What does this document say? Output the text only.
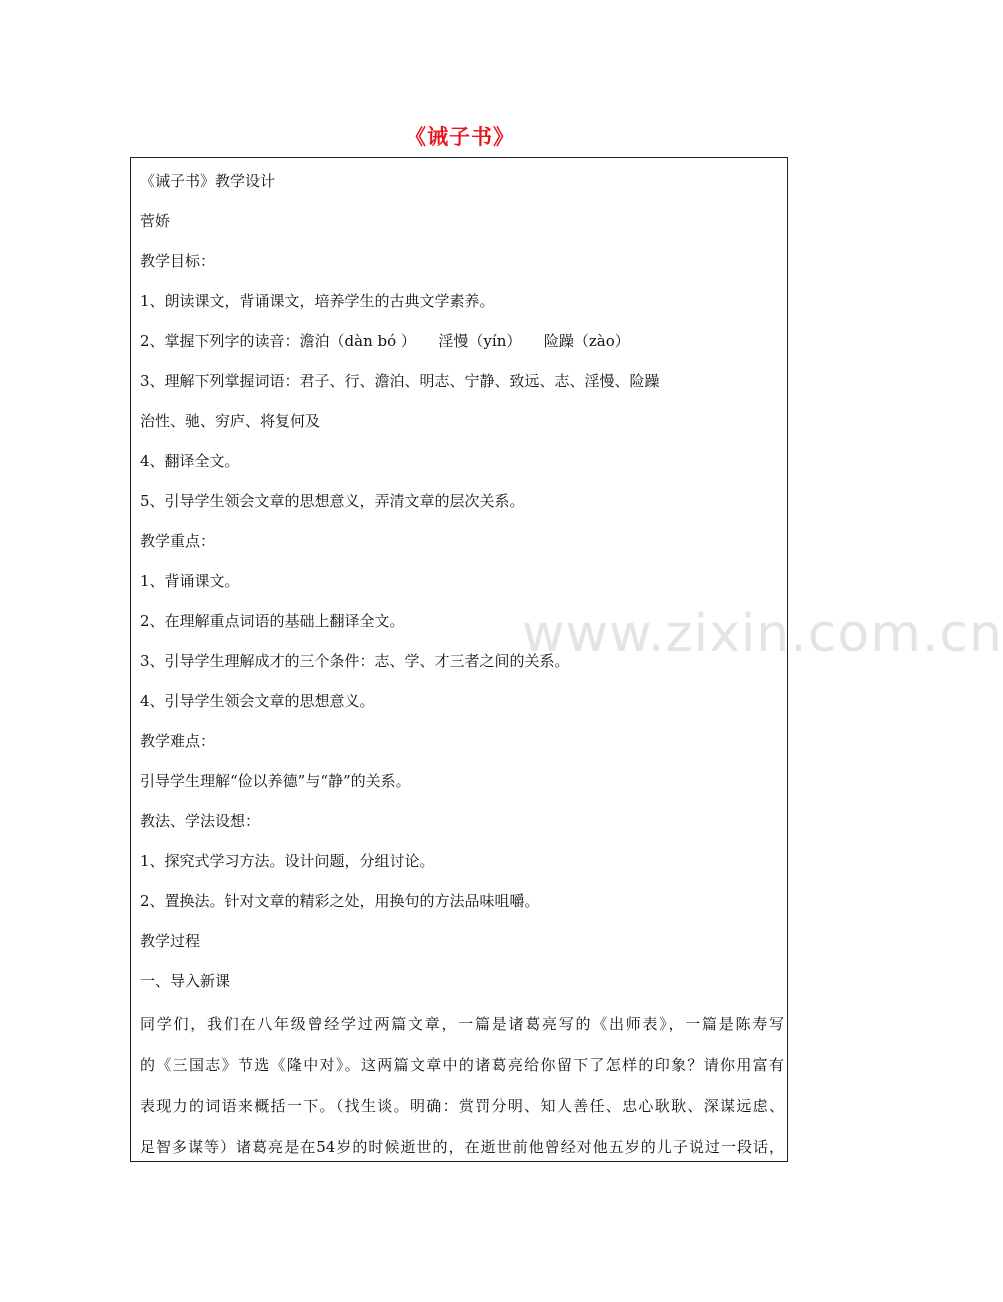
《诫子书》
www.zixin.com.cn
《诫子书》教学设计
菅娇
教学目标：
1、朗读课文，背诵课文，培养学生的古典文学素养。
2、掌握下列字的读音：澹泊（dàn bó ）　　淫慢（yín）　　险躁（zào）
3、理解下列掌握词语：君子、行、澹泊、明志、宁静、致远、志、淫慢、险躁
治性、驰、穷庐、将复何及
4、翻译全文。
5、引导学生领会文章的思想意义，弄清文章的层次关系。
教学重点：
1、背诵课文。
2、在理解重点词语的基础上翻译全文。
3、引导学生理解成才的三个条件：志、学、才三者之间的关系。
4、引导学生领会文章的思想意义。
教学难点：
引导学生理解“俭以养德”与“静”的关系。
教法、学法设想：
1、探究式学习方法。设计问题，分组讨论。
2、置换法。针对文章的精彩之处，用换句的方法品味咀嚼。
教学过程
一、导入新课
同学们，我们在八年级曾经学过两篇文章，一篇是诸葛亮写的《出师表》，一篇是陈寿写
的《三国志》节选《隆中对》。这两篇文章中的诸葛亮给你留下了怎样的印象？请你用富有
表现力的词语来概括一下。（找生谈。明确：赏罚分明、知人善任、忠心耿耿、深谋远虑、
足智多谋等）诸葛亮是在54岁的时候逝世的，在逝世前他曾经对他五岁的儿子说过一段话，
